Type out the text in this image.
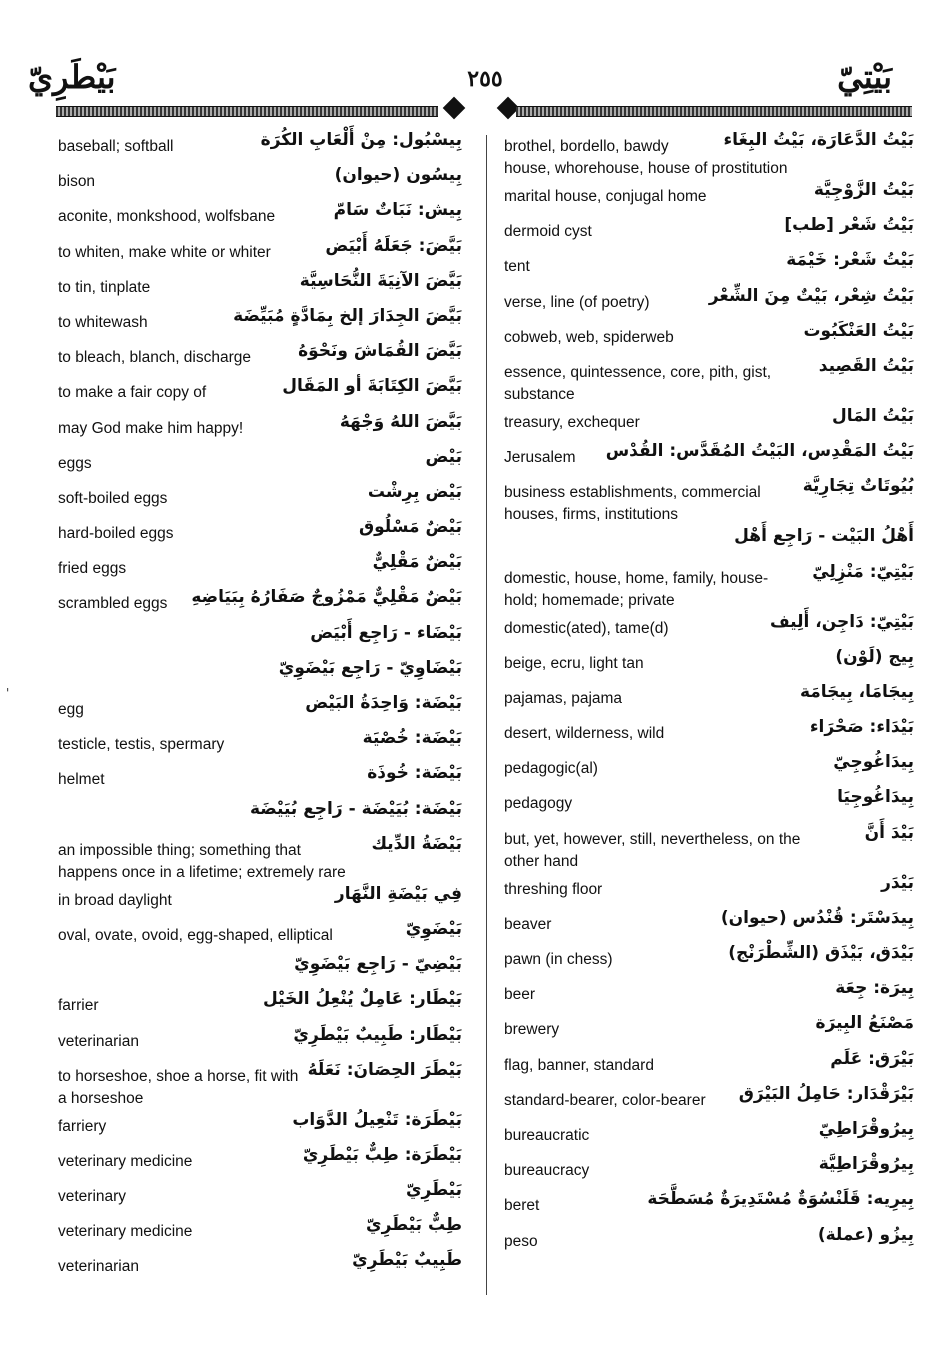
بَيْطَرِيّ	٢٥٥	بَيْتِيّ
baseball; softball	بِيسْبُول: مِنْ أَلْعَابِ الكُرَة
bison	بِيسُون (حيوان)
aconite, monkshood, wolfsbane	بِيش: نَبَاتٌ سَامّ
to whiten, make white or whiter	بَيَّضَ: جَعَلَهُ أَبْيَض
to tin, tinplate	بَيَّضَ الآنِيَةَ النُّحَاسِيَّة
to whitewash	بَيَّضَ الجِدَارَ إلخ بِمَادَّةٍ مُبَيِّضَة
to bleach, blanch, discharge	بَيَّضَ القُمَاشَ ونَحْوَهُ
to make a fair copy of	بَيَّضَ الكِتَابَةَ أو المَقَال
may God make him happy!	بَيَّضَ اللهُ وَجْهَهُ
eggs	بَيْض
soft-boiled eggs	بَيْض بِرِشْت
hard-boiled eggs	بَيْضٌ مَسْلُوق
fried eggs	بَيْضٌ مَقْلِيٌّ
scrambled eggs	بَيْضٌ مَقْلِيٌّ مَمْزُوجٌ صَفَارُهُ بِبَيَاضِهِ
بَيْضَاء - رَاجِع أَبْيَض
بَيْضَاوِيّ - رَاجِع بَيْضَوِيّ
egg	بَيْضَة: وَاحِدَةُ البَيْض
testicle, testis, spermary	بَيْضَة: خُصْيَة
helmet	بَيْضَة: خُوذَة
بَيْضَة: بُيَيْضَة - رَاجِع بُيَيْضَة
an impossible thing; something that
happens once in a lifetime; extremely rare
بَيْضَةُ الدِّيك
in broad daylight	فِي بَيْضَةِ النَّهَار
oval, ovate, ovoid, egg-shaped, elliptical	بَيْضَوِيّ
بَيْضِيّ - رَاجِع بَيْضَوِيّ
farrier	بَيْطَار: عَامِلٌ يُنْعِلُ الخَيْل
veterinarian	بَيْطَار: طَبِيبٌ بَيْطَرِيّ
to horseshoe, shoe a horse, fit with
a horseshoe
بَيْطَرَ الحِصَانَ: نَعَلَهُ
farriery	بَيْطَرَة: تَنْعِيلُ الدَّوَاب
veterinary medicine	بَيْطَرَة: طِبٌّ بَيْطَرِيّ
veterinary	بَيْطَرِيّ
veterinary medicine	طِبٌّ بَيْطَرِيّ
veterinarian	طَبِيبٌ بَيْطَرِيّ
brothel, bordello, bawdy
house, whorehouse, house of prostitution
بَيْتُ الدَّعَارَة، بَيْتُ البِغَاء
marital house, conjugal home	بَيْتُ الزَّوْجِيَّة
dermoid cyst	بَيْتُ شَعْر [طب]
tent	بَيْتُ شَعْر: خَيْمَة
verse, line (of poetry)	بَيْتُ شِعْر، بَيْتٌ مِنَ الشِّعْر
cobweb, web, spiderweb	بَيْتُ العَنْكَبُوت
essence, quintessence, core, pith, gist,
substance
بَيْتُ القَصِيد
treasury, exchequer	بَيْتُ المَال
Jerusalem	بَيْتُ المَقْدِس، البَيْتُ المُقَدَّس: القُدْس
business establishments, commercial
houses, firms, institutions
بُيُوتَاتٌ تِجَارِيَّة
أَهْلُ البَيْت - رَاجِع أَهْل
domestic, house, home, family, house-
hold; homemade; private
بَيْتِيّ: مَنْزِلِيّ
domestic(ated), tame(d)	بَيْتِيّ: دَاجِن، أَلِيف
beige, ecru, light tan	بِيج (لَوْن)
pajamas, pajama	بِيجَامَا، بِيجَامَة
desert, wilderness, wild	بَيْدَاء: صَحْرَاء
pedagogic(al)	بِيدَاغُوجِيّ
pedagogy	بِيدَاغُوجِيَا
but, yet, however, still, nevertheless, on the
other hand
بَيْدَ أَنَّ
threshing floor	بَيْدَر
beaver	بِيدَسْتَر: قُنْدُس (حيوان)
pawn (in chess)	بَيْدَق، بَيْذَق (الشِّطْرَنْج)
beer	بِيرَة: جِعَة
brewery	مَصْنَعُ البِيرَة
flag, banner, standard	بَيْرَق: عَلَم
standard-bearer, color-bearer	بَيْرَقْدَار: حَامِلُ البَيْرَق
bureaucratic	بِيرُوقْرَاطِيّ
bureaucracy	بِيرُوقْرَاطِيَّة
beret	بِيرِيه: قَلَنْسُوَةٌ مُسْتَدِيرَةٌ مُسَطَّحَة
peso	بِيزُو (عملة)
'
